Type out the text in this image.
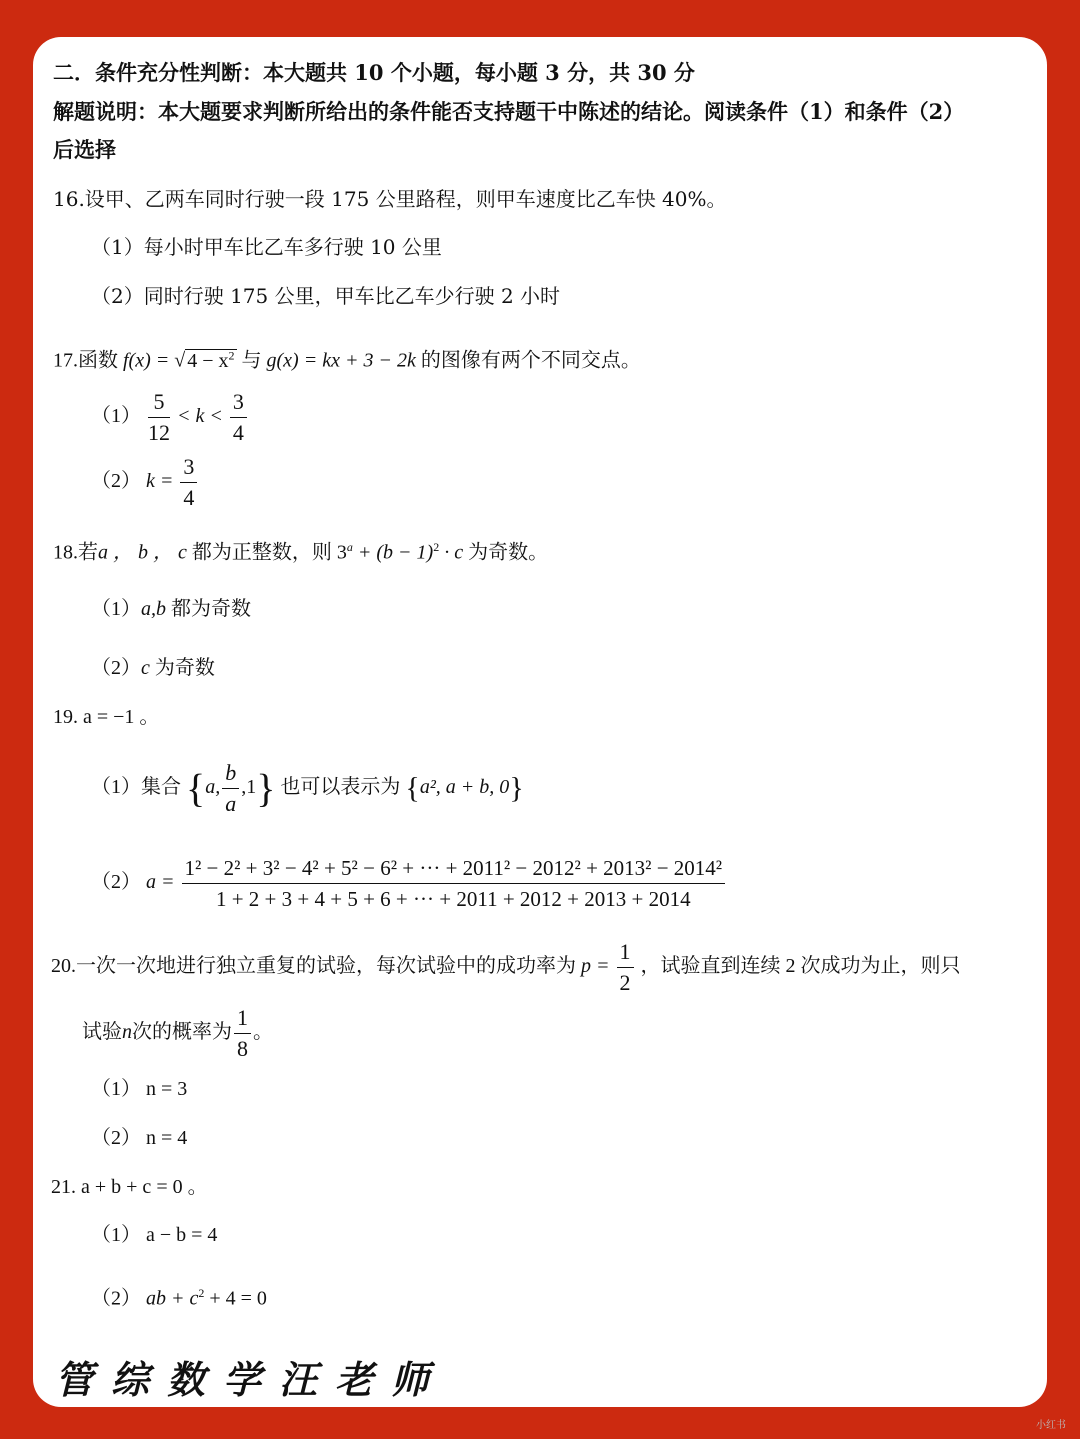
二．条件充分性判断：本大题共 10 个小题，每小题 3 分，共 30 分
解题说明：本大题要求判断所给出的条件能否支持题干中陈述的结论。阅读条件（1）和条件（2）
后选择
16.设甲、乙两车同时行驶一段 175 公里路程，则甲车速度比乙车快 40%。
（1）每小时甲车比乙车多行驶 10 公里
（2）同时行驶 175 公里，甲车比乙车少行驶 2 小时
17.函数 f(x) = √ $4 - x^2$ 与 g(x) = kx + 3 − 2k 的图像有两个不同交点。
$(1) \frac{5}{12} < k < \frac{3}{4}$
（2） $k = \frac{3}{4}$
18.若a ， b ， c 都为正整数，则 $3^a + (b - 1)^2 \cdot c$ 为奇数。
（1）a,b 都为奇数
（2）c 为奇数
19. a = −1 。
（1）集合 {a, $\frac{b}{a} ,1$} 也可以表示为 {a², a + b, 0}
（2） a =
1² − 2² + 3² − 4² + 5² − 6² + ··· + 2011² − 2012² + 2013² − 2014²
1 + 2 + 3 + 4 + 5 + 6 + ··· + 2011 + 2012 + 2013 + 2014
20.一次一次地进行独立重复的试验，每次试验中的成功率为 $p = \frac{1}{2}$ ，试验直到连续 2 次成功为止，则只
试验n次的概率为 $\frac{1}{8}$ 。
（1） n = 3
（2） n = 4
21. a + b + c = 0 。
（1） a − b = 4
（2） ab + $c^2 + 4 = 0$
管综数学汪老师
小红书
